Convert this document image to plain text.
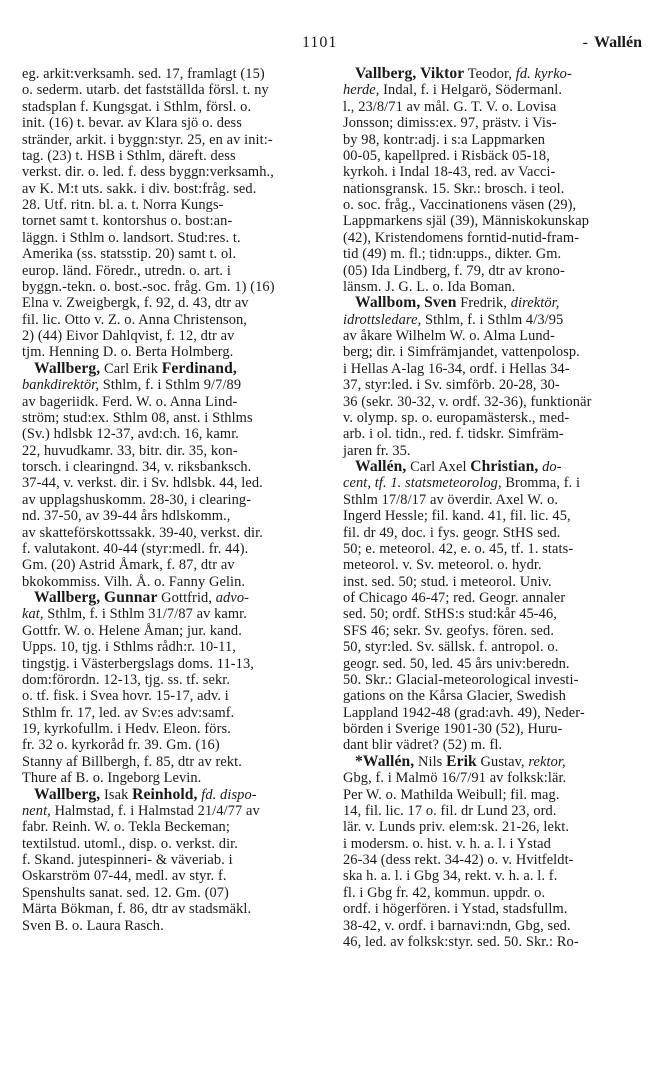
1101	- Wallén
eg. arkit:verksamh. sed. 17, framlagt (15)
o. sederm. utarb. det fastställda försl. t. ny
stadsplan f. Kungsgat. i Sthlm, försl. o.
init. (16) t. bevar. av Klara sjö o. dess
stränder, arkit. i byggn:styr. 25, en av init:-
tag. (23) t. HSB i Sthlm, däreft. dess
verkst. dir. o. led. f. dess byggn:verksamh.,
av K. M:t uts. sakk. i div. bost:fråg. sed.
28. Utf. ritn. bl. a. t. Norra Kungs-
tornet samt t. kontorshus o. bost:an-
läggn. i Sthlm o. landsort. Stud:res. t.
Amerika (ss. statsstip. 20) samt t. ol.
europ. länd. Föredr., utredn. o. art. i
byggn.-tekn. o. bost.-soc. fråg. Gm. 1) (16)
Elna v. Zweigbergk, f. 92, d. 43, dtr av
fil. lic. Otto v. Z. o. Anna Christenson,
2) (44) Eivor Dahlqvist, f. 12, dtr av
tjm. Henning D. o. Berta Holmberg.
Wallberg, Carl Erik Ferdinand,
bankdirektör, Sthlm, f. i Sthlm 9/7/89
av bageriidk. Ferd. W. o. Anna Lind-
ström; stud:ex. Sthlm 08, anst. i Sthlms
(Sv.) hdlsbk 12-37, avd:ch. 16, kamr.
22, huvudkamr. 33, bitr. dir. 35, kon-
torsch. i clearingnd. 34, v. riksbanksch.
37-44, v. verkst. dir. i Sv. hdlsbk. 44, led.
av upplagshuskomm. 28-30, i clearing-
nd. 37-50, av 39-44 års hdlskomm.,
av skatteförskottssakk. 39-40, verkst. dir.
f. valutakont. 40-44 (styr:medl. fr. 44).
Gm. (20) Astrid Åmark, f. 87, dtr av
bkokommiss. Vilh. Å. o. Fanny Gelin.
Wallberg, Gunnar Gottfrid, advo-
kat, Sthlm, f. i Sthlm 31/7/87 av kamr.
Gottfr. W. o. Helene Åman; jur. kand.
Upps. 10, tjg. i Sthlms rådh:r. 10-11,
tingstjg. i Västerbergslags doms. 11-13,
dom:förordn. 12-13, tjg. ss. tf. sekr.
o. tf. fisk. i Svea hovr. 15-17, adv. i
Sthlm fr. 17, led. av Sv:es adv:samf.
19, kyrkofullm. i Hedv. Eleon. förs.
fr. 32 o. kyrkoråd fr. 39. Gm. (16)
Stanny af Billbergh, f. 85, dtr av rekt.
Thure af B. o. Ingeborg Levin.
Wallberg, Isak Reinhold, fd. dispo-
nent, Halmstad, f. i Halmstad 21/4/77 av
fabr. Reinh. W. o. Tekla Beckeman;
textilstud. utoml., disp. o. verkst. dir.
f. Skand. jutespinneri- & väveriab. i
Oskarström 07-44, medl. av styr. f.
Spenshults sanat. sed. 12. Gm. (07)
Märta Bökman, f. 86, dtr av stadsmäkl.
Sven B. o. Laura Rasch.
Vallberg, Viktor Teodor, fd. kyrko-
herde, Indal, f. i Helgarö, Södermanl.
l., 23/8/71 av mål. G. T. V. o. Lovisa
Jonsson; dimiss:ex. 97, prästv. i Vis-
by 98, kontr:adj. i s:a Lappmarken
00-05, kapellpred. i Risbäck 05-18,
kyrkoh. i Indal 18-43, red. av Vacci-
nationsgransk. 15. Skr.: brosch. i teol.
o. soc. fråg., Vaccinationens väsen (29),
Lappmarkens själ (39), Människokunskap
(42), Kristendomens forntid-nutid-fram-
tid (49) m. fl.; tidn:upps., dikter. Gm.
(05) Ida Lindberg, f. 79, dtr av krono-
länsm. J. G. L. o. Ida Boman.
Wallbom, Sven Fredrik, direktör,
idrottsledare, Sthlm, f. i Sthlm 4/3/95
av åkare Wilhelm W. o. Alma Lund-
berg; dir. i Simfrämjandet, vattenpolosp.
i Hellas A-lag 16-34, ordf. i Hellas 34-
37, styr:led. i Sv. simförb. 20-28, 30-
36 (sekr. 30-32, v. ordf. 32-36), funktionär
v. olymp. sp. o. europamästersk., med-
arb. i ol. tidn., red. f. tidskr. Simfräm-
jaren fr. 35.
Wallén, Carl Axel Christian, do-
cent, tf. 1. statsmeteorolog, Bromma, f. i
Sthlm 17/8/17 av överdir. Axel W. o.
Ingerd Hessle; fil. kand. 41, fil. lic. 45,
fil. dr 49, doc. i fys. geogr. StHS sed.
50; e. meteorol. 42, e. o. 45, tf. 1. stats-
meteorol. v. Sv. meteorol. o. hydr.
inst. sed. 50; stud. i meteorol. Univ.
of Chicago 46-47; red. Geogr. annaler
sed. 50; ordf. StHS:s stud:kår 45-46,
SFS 46; sekr. Sv. geofys. fören. sed.
50, styr:led. Sv. sällsk. f. antropol. o.
geogr. sed. 50, led. 45 års univ:beredn.
50. Skr.: Glacial-meteorological investi-
gations on the Kårsa Glacier, Swedish
Lappland 1942-48 (grad:avh. 49), Neder-
börden i Sverige 1901-30 (52), Huru-
dant blir vädret? (52) m. fl.
*Wallén, Nils Erik Gustav, rektor,
Gbg, f. i Malmö 16/7/91 av folksk:lär.
Per W. o. Mathilda Weibull; fil. mag.
14, fil. lic. 17 o. fil. dr Lund 23, ord.
lär. v. Lunds priv. elem:sk. 21-26, lekt.
i modersm. o. hist. v. h. a. l. i Ystad
26-34 (dess rekt. 34-42) o. v. Hvitfeldt-
ska h. a. l. i Gbg 34, rekt. v. h. a. l. f.
fl. i Gbg fr. 42, kommun. uppdr. o.
ordf. i högerfören. i Ystad, stadsfullm.
38-42, v. ordf. i barnavi:ndn, Gbg, sed.
46, led. av folksk:styr. sed. 50. Skr.: Ro-
